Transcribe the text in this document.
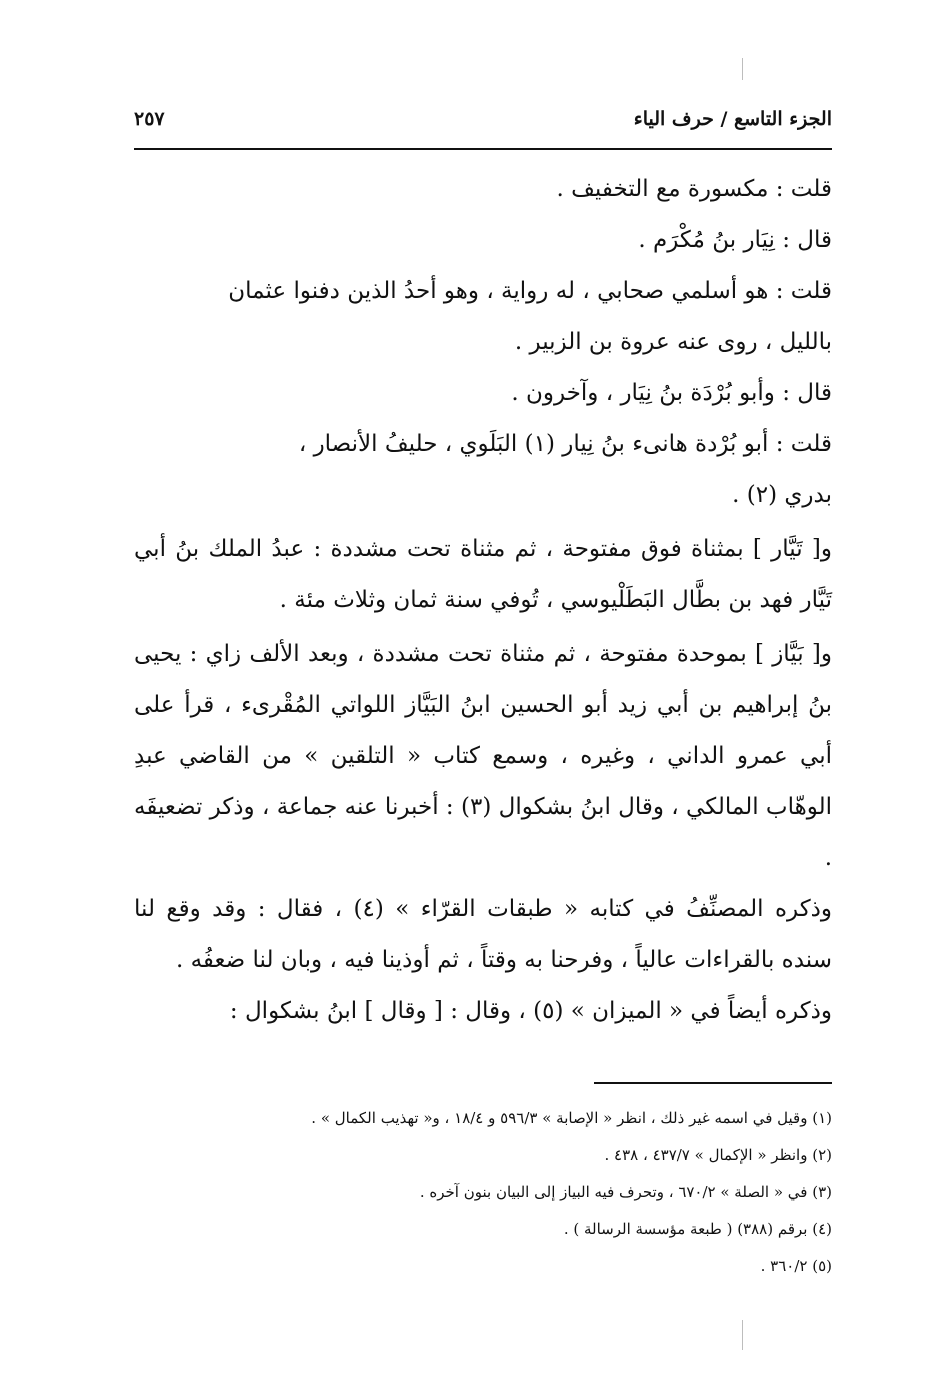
الجزء التاسع / حرف الياء
٢٥٧

قلت : مكسورة مع التخفيف .

قال : نِيَار بنُ مُكْرَم .

قلت : هو أسلمي صحابي ، له رواية ، وهو أحدُ الذين دفنوا عثمان

بالليل ، روى عنه عروة بن الزبير .

قال : وأبو بُرْدَة بنُ نِيَار ، وآخرون .

قلت : أبو بُرْدة هانىء بنُ نِيار (١) البَلَوي ، حليفُ الأنصار ،

بدري (٢) .

و[ تَيَّار ] بمثناة فوق مفتوحة ، ثم مثناة تحت مشددة : عبدُ الملك بنُ أبي تَيَّار فهد بن بطَّال البَطَلْيوسي ، تُوفي سنة ثمان وثلاث مئة .

و[ بَيَّاز ] بموحدة مفتوحة ، ثم مثناة تحت مشددة ، وبعد الألف زاي : يحيى بنُ إبراهيم بن أبي زيد أبو الحسين ابنُ البَيَّاز اللواتي المُقْرىء ، قرأ على أبي عمرو الداني ، وغيره ، وسمع كتاب « التلقين » من القاضي عبدِ الوهّاب المالكي ، وقال ابنُ بشكوال (٣) : أخبرنا عنه جماعة ، وذكر تضعيفَه .

وذكره المصنِّفُ في كتابه « طبقات القرّاء » (٤) ، فقال : وقد وقع لنا سنده بالقراءات عالياً ، وفرحنا به وقتاً ، ثم أوذينا فيه ، وبان لنا ضعفُه .

وذكره أيضاً في « الميزان » (٥) ، وقال : [ وقال ] ابنُ بشكوال :

(١) وقيل في اسمه غير ذلك ، انظر « الإصابة » ٥٩٦/٣ و ١٨/٤ ، و« تهذيب الكمال » .
(٢) وانظر « الإكمال » ٤٣٧/٧ ، ٤٣٨ .
(٣) في « الصلة » ٦٧٠/٢ ، وتحرف فيه البياز إلى البيان بنون آخره .
(٤) برقم (٣٨٨) ( طبعة مؤسسة الرسالة ) .
(٥) ٣٦٠/٢ .
